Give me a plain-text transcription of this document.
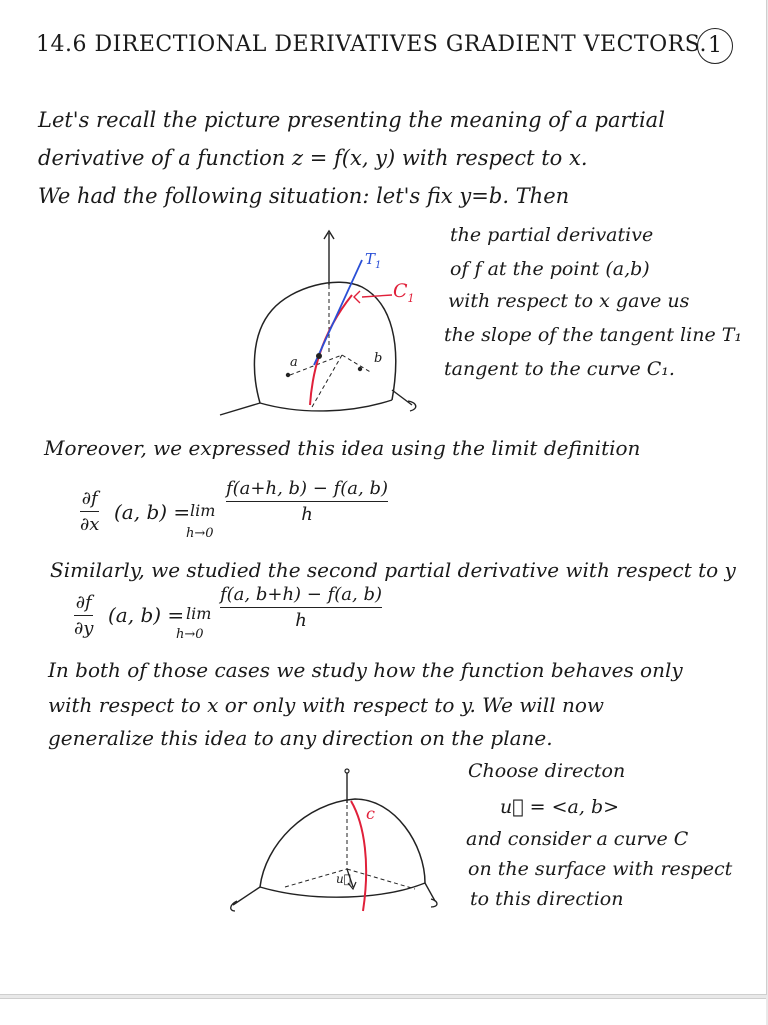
14.6 DIRECTIONAL DERIVATIVES GRADIENT VECTORS. 1
Let's recall the picture presenting the meaning of a partial
derivative of a function z = f(x, y) with respect to x.
We had the following situation: let's fix y=b. Then
$T_1$
$C_1$
a	b
the partial derivative
of f at the point (a,b)
with respect to x gave us
the slope of the tangent line T₁
tangent to the curve C₁.
Moreover, we expressed this idea using the limit definition
∂f
∂x
(a, b) = lim
h→0
f(a+h, b) − f(a, b)
h
Similarly, we studied the second partial derivative with respect to y
∂f
∂y
(a, b) = lim
h→0
f(a, b+h) − f(a, b)
h
In both of those cases we study how the function behaves only
with respect to x or only with respect to y. We will now
generalize this idea to any direction on the plane.
c
u⃗
Choose directon
u⃗ = <a, b>
and consider a curve C
on the surface with respect
to this direction
